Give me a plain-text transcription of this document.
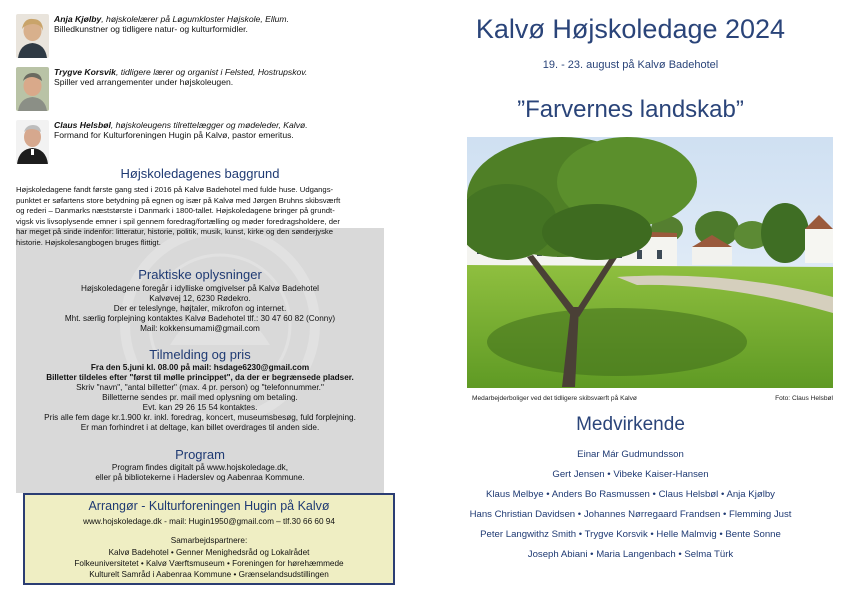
Anja Kjølby, højskolelærer på Løgumkloster Højskole, Ellum.
Billedkunstner og tidligere natur- og kulturformidler.
Trygve Korsvik, tidligere lærer og organist i Felsted, Hostrupskov.
Spiller ved arrangementer under højskoleugen.
Claus Helsbøl, højskoleugens tilrettelægger og mødeleder, Kalvø.
Formand for Kulturforeningen Hugin på Kalvø, pastor emeritus.
Højskoledagenes baggrund
Højskoledagene fandt første gang sted i 2016 på Kalvø Badehotel med fulde huse. Udgangs-
punktet er søfartens store betydning på egnen og især på Kalvø med Jørgen Bruhns skibsværft
og rederi – Danmarks næststørste i Danmark i 1800-tallet. Højskoledagene bringer på grundt-
vigsk vis livsoplysende emner i spil gennem foredrag/fortælling og møder foredragsholdere, der
har meget på sinde indenfor: litteratur, historie, politik, musik, kunst, kirke og den sønderjyske
historie. Højskolesangbogen bruges flittigt.
Praktiske oplysninger
Højskoledagene foregår i idylliske omgivelser på Kalvø Badehotel
Kalvøvej 12, 6230 Rødekro.
Der er teleslynge, højtaler, mikrofon og internet.
Mht. særlig forplejning kontaktes Kalvø Badehotel tlf.: 30 47 60 82 (Conny)
Mail: kokkensumami@gmail.com
Tilmelding og pris
Fra den 5.juni kl. 08.00 på mail: hsdage6230@gmail.com
Billetter tildeles efter "først til mølle princippet", da der er begrænsede pladser.
Skriv "navn", "antal billetter" (max. 4 pr. person) og "telefonnummer."
Billetterne sendes pr. mail med oplysning om betaling.
Evt. kan 29 26 15 54 kontaktes.
Pris alle fem dage kr.1.900 kr. inkl. foredrag, koncert, museumsbesøg, fuld forplejning.
Er man forhindret i at deltage, kan billet overdrages til anden side.
Program
Program findes digitalt på www.hojskoledage.dk,
eller på bibliotekerne i Haderslev og Aabenraa Kommune.
Arrangør - Kulturforeningen Hugin på Kalvø
www.hojskoledage.dk - mail: Hugin1950@gmail.com – tlf.30 66 60 94
Samarbejdspartnere:
Kalvø Badehotel • Genner Menighedsråd og Lokalrådet
Folkeuniversitetet • Kalvø Værftsmuseum • Foreningen for hørehæmmede
Kulturelt Samråd i Aabenraa Kommune • Grænselandsudstillingen
Kalvø Højskoledage 2024
19. - 23. august på Kalvø Badehotel
”Farvernes landskab”
Medarbejderboliger ved det tidligere skibsværft på Kalvø	Foto: Claus Helsbøl
Medvirkende
Einar Már Gudmundsson
Gert Jensen • Vibeke Kaiser-Hansen
Klaus Melbye • Anders Bo Rasmussen • Claus Helsbøl • Anja Kjølby
Hans Christian Davidsen • Johannes Nørregaard Frandsen • Flemming Just
Peter Langwithz Smith • Trygve Korsvik • Helle Malmvig • Bente Sonne
Joseph Abiani • Maria Langenbach • Selma Türk
